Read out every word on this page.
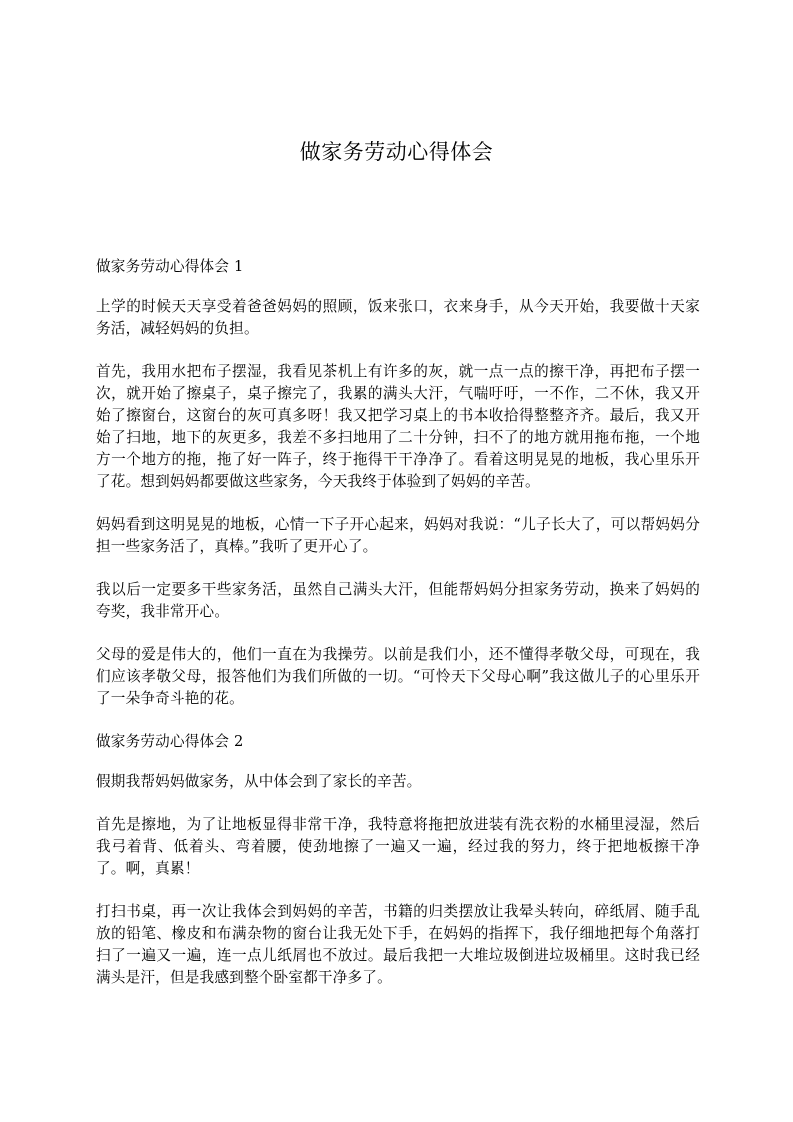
做家务劳动心得体会

做家务劳动心得体会 1

上学的时候天天享受着爸爸妈妈的照顾，饭来张口，衣来身手，从今天开始，我要做十天家务活，减轻妈妈的负担。

首先，我用水把布子摆湿，我看见茶机上有许多的灰，就一点一点的擦干净，再把布子摆一次，就开始了擦桌子，桌子擦完了，我累的满头大汗，气喘吁吁，一不作，二不休，我又开始了擦窗台，这窗台的灰可真多呀！我又把学习桌上的书本收拾得整整齐齐。最后，我又开始了扫地，地下的灰更多，我差不多扫地用了二十分钟，扫不了的地方就用拖布拖，一个地方一个地方的拖，拖了好一阵子，终于拖得干干净净了。看着这明晃晃的地板，我心里乐开了花。想到妈妈都要做这些家务，今天我终于体验到了妈妈的辛苦。

妈妈看到这明晃晃的地板，心情一下子开心起来，妈妈对我说：“儿子长大了，可以帮妈妈分担一些家务活了，真棒。”我听了更开心了。

我以后一定要多干些家务活，虽然自己满头大汗，但能帮妈妈分担家务劳动，换来了妈妈的夸奖，我非常开心。

父母的爱是伟大的，他们一直在为我操劳。以前是我们小，还不懂得孝敬父母，可现在，我们应该孝敬父母，报答他们为我们所做的一切。“可怜天下父母心啊”我这做儿子的心里乐开了一朵争奇斗艳的花。

做家务劳动心得体会 2

假期我帮妈妈做家务，从中体会到了家长的辛苦。

首先是擦地，为了让地板显得非常干净，我特意将拖把放进装有洗衣粉的水桶里浸湿，然后我弓着背、低着头、弯着腰，使劲地擦了一遍又一遍，经过我的努力，终于把地板擦干净了。啊，真累！

打扫书桌，再一次让我体会到妈妈的辛苦，书籍的归类摆放让我晕头转向，碎纸屑、随手乱放的铅笔、橡皮和布满杂物的窗台让我无处下手，在妈妈的指挥下，我仔细地把每个角落打扫了一遍又一遍，连一点儿纸屑也不放过。最后我把一大堆垃圾倒进垃圾桶里。这时我已经满头是汗，但是我感到整个卧室都干净多了。
